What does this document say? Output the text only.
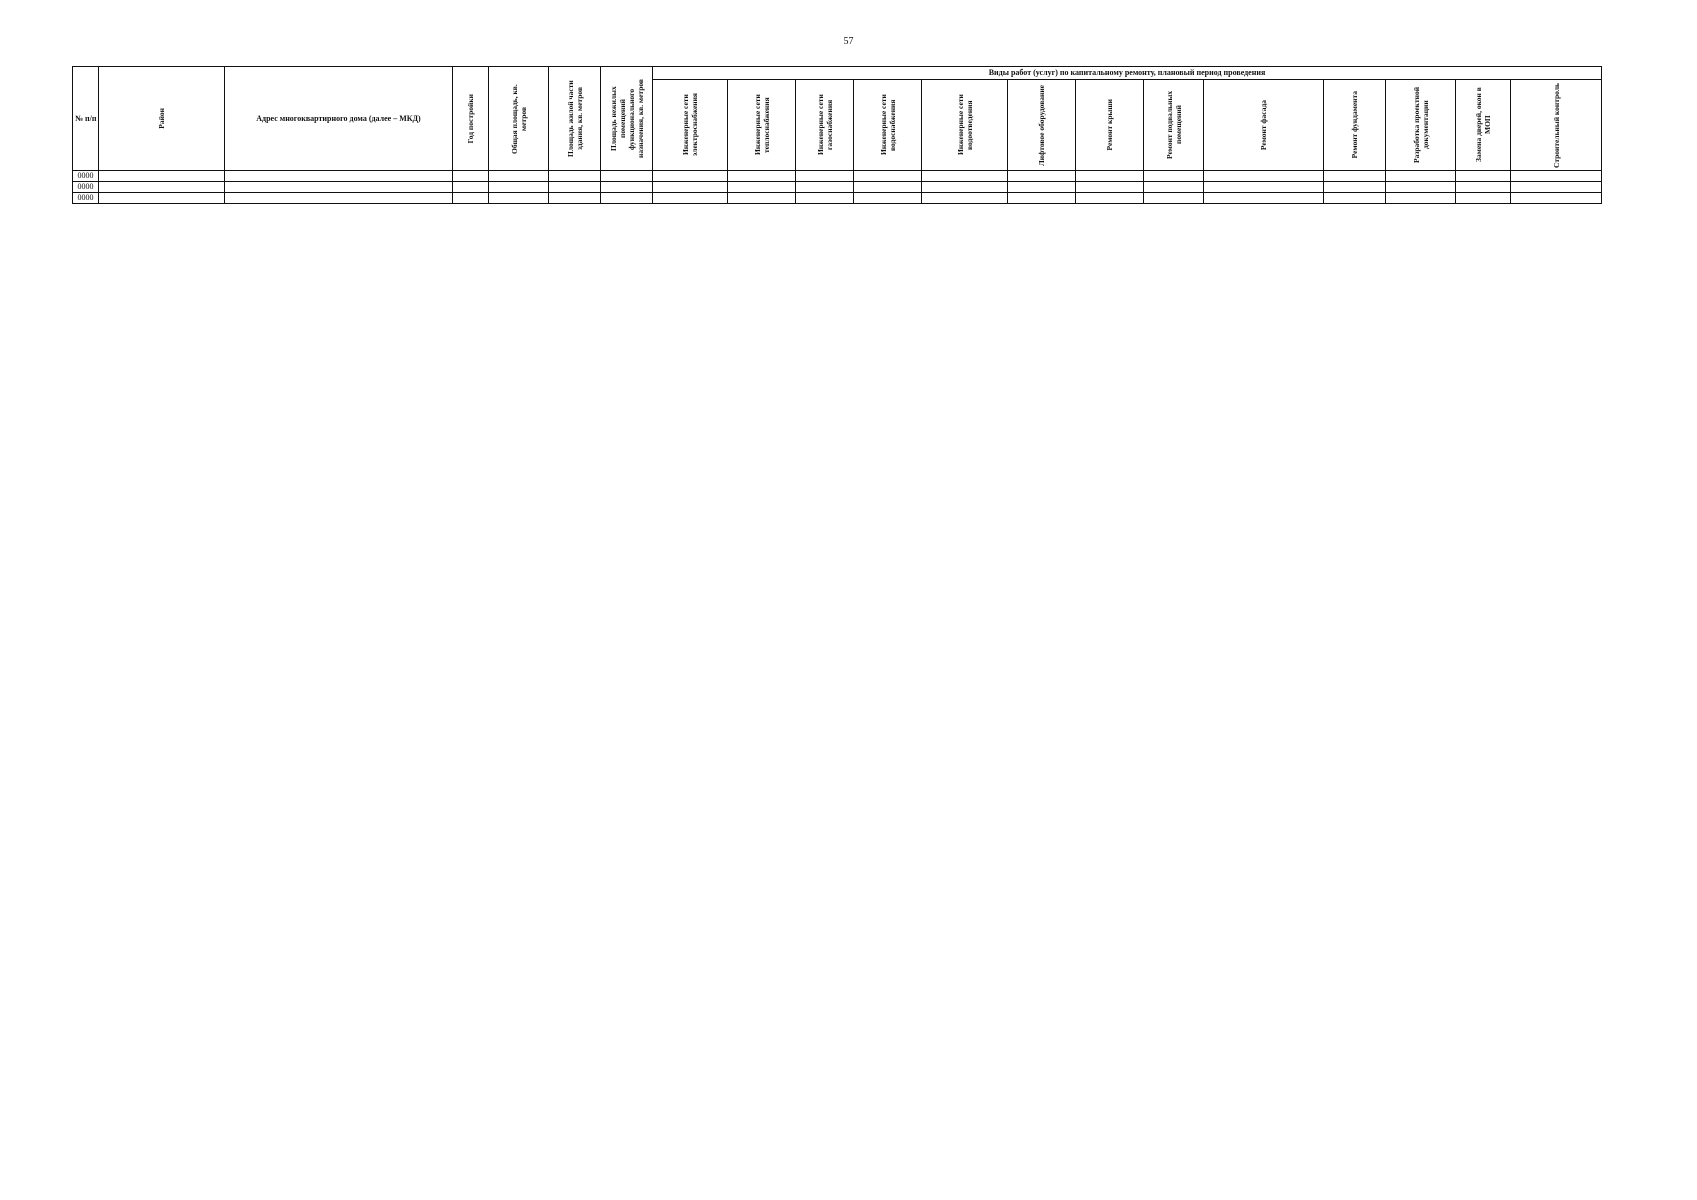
57
№ п/п	Район	Адрес многоквартирного дома (далее – МКД)	Год постройки	Общая площадь, кв. метров	Площадь жилой части здания, кв. метров	Площадь нежилых помещений функционального назначения, кв. метров	Виды работ (услуг) по капитальному ремонту, плановый период проведения												

							Инженерные сети электроснабжения	Инженерные сети теплоснабжения	Инженерные сети газоснабжения	Инженерные сети водоснабжения	Инженерные сети водоотведения	Лифтовое оборудование	Ремонт крыши	Ремонт подвальных помещений	Ремонт фасада	Ремонт фундамента	Разработка проектной документации	Замена дверей, окон в МОП	Строительный контроль

0000																			
0000																			
0000																			
